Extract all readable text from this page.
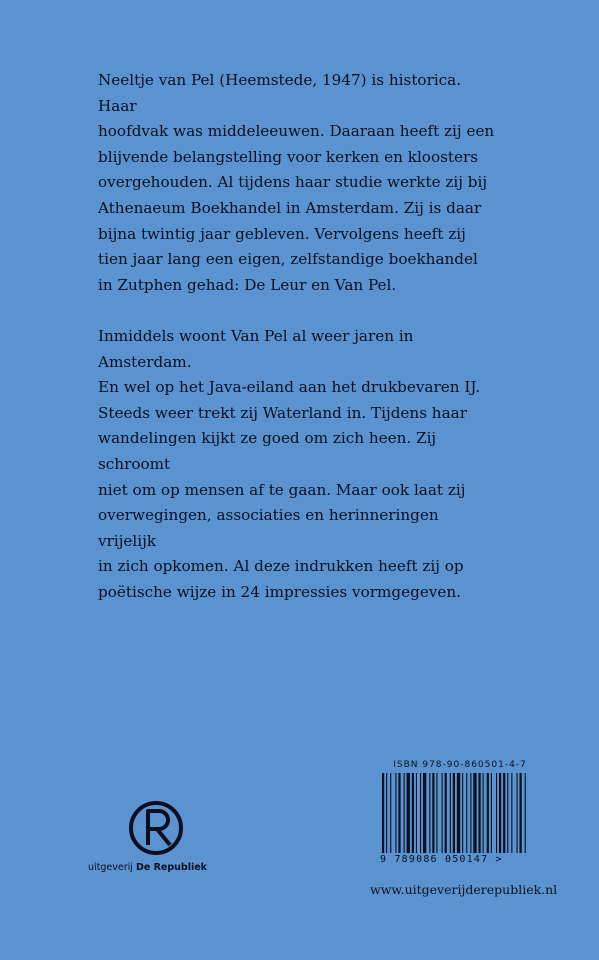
Neeltje van Pel (Heemstede, 1947) is historica. Haar
hoofdvak was middeleeuwen. Daaraan heeft zij een
blijvende belangstelling voor kerken en kloosters
overgehouden. Al tijdens haar studie werkte zij bij
Athenaeum Boekhandel in Amsterdam. Zij is daar
bijna twintig jaar gebleven. Vervolgens heeft zij
tien jaar lang een eigen, zelfstandige boekhandel
in Zutphen gehad: De Leur en Van Pel.

Inmiddels woont Van Pel al weer jaren in Amsterdam.
En wel op het Java-eiland aan het drukbevaren IJ.
Steeds weer trekt zij Waterland in. Tijdens haar
wandelingen kijkt ze goed om zich heen. Zij schroomt
niet om op mensen af te gaan. Maar ook laat zij
overwegingen, associaties en herinneringen vrijelijk
in zich opkomen. Al deze indrukken heeft zij op
poëtische wijze in 24 impressies vormgegeven.

uitgeverij De Republiek
ISBN 978-90-860501-4-7
9 789086 050147 >
www.uitgeverijderepubliek.nl
